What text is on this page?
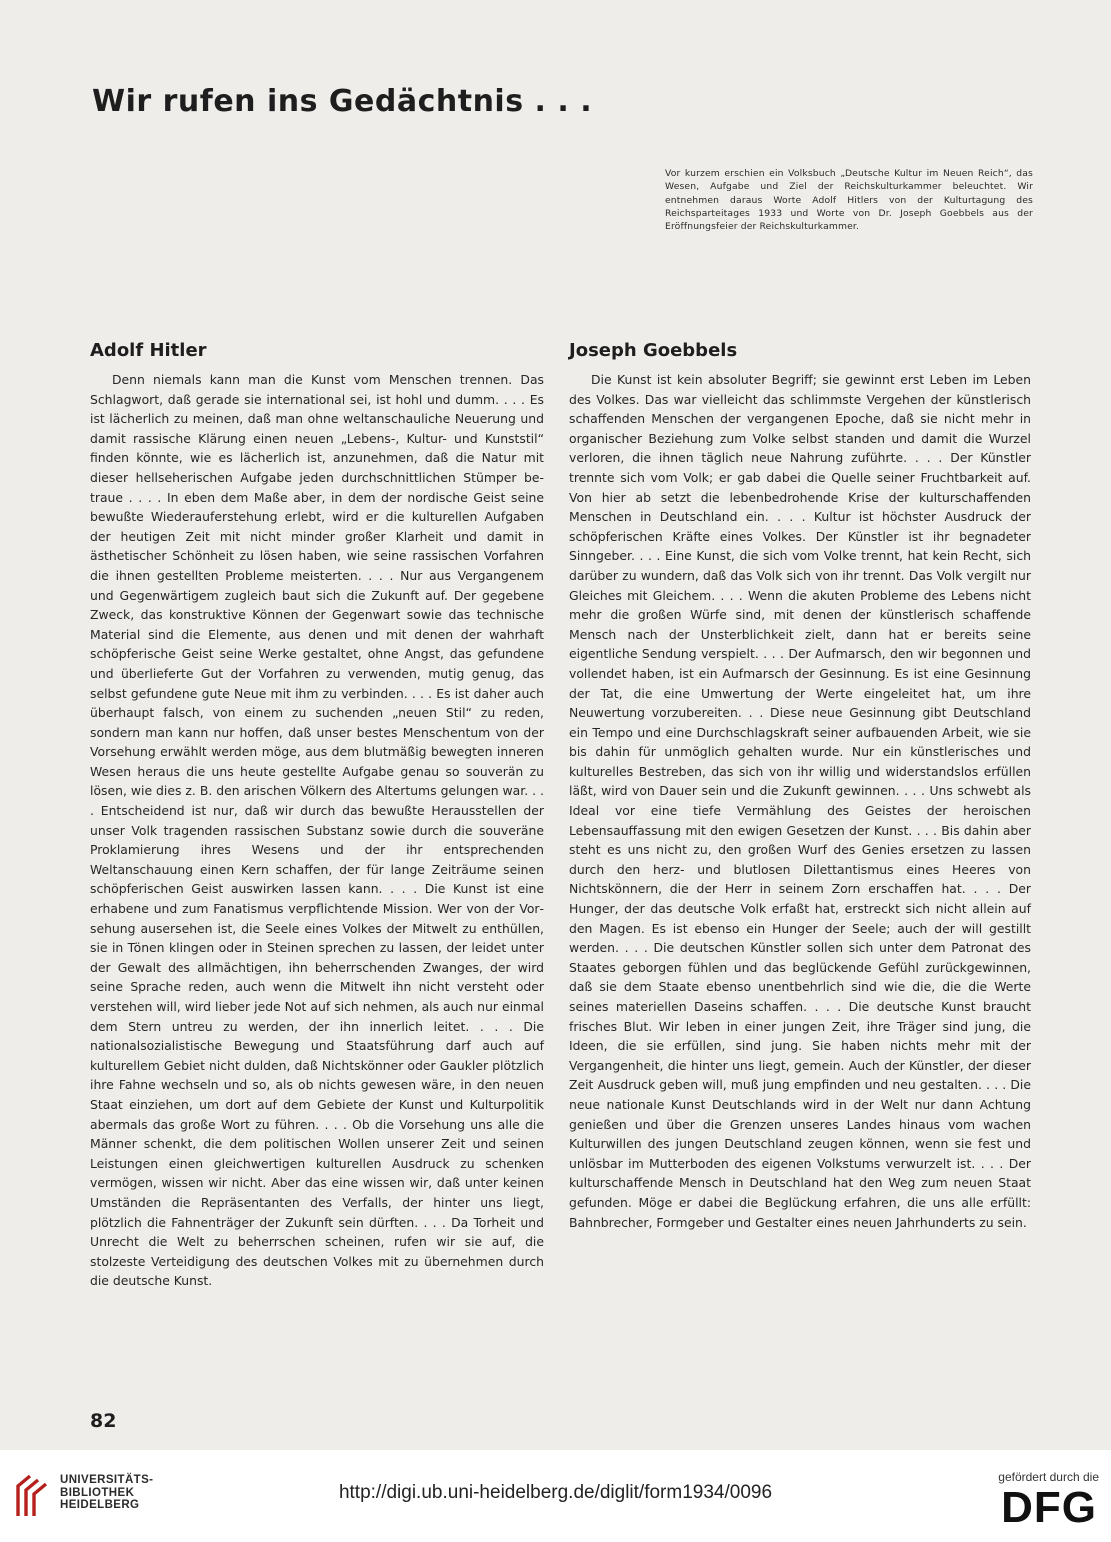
Wir rufen ins Gedächtnis . . .

Vor kurzem erschien ein Volksbuch „Deutsche Kultur im Neuen Reich“, das Wesen, Aufgabe und Ziel der Reichskulturkammer beleuchtet. Wir entnehmen daraus Worte Adolf Hitlers von der Kulturtagung des Reichsparteitages 1933 und Worte von Dr. Joseph Goebbels aus der Eröffnungsfeier der Reichskulturkammer.

Adolf Hitler

Denn niemals kann man die Kunst vom Menschen trennen. Das Schlagwort, daß gerade sie international sei, ist hohl und dumm. . . . Es ist lächerlich zu meinen, daß man ohne weltanschauliche Neuerung und damit rassische Klärung einen neuen „Lebens-, Kultur- und Kunststil“ finden könnte, wie es lächerlich ist, anzunehmen, daß die Natur mit dieser hellseherischen Aufgabe jeden durchschnittlichen Stümper betraue . . . . In eben dem Maße aber, in dem der nordische Geist seine bewußte Wiederauferstehung erlebt, wird er die kulturellen Aufgaben der heutigen Zeit mit nicht minder großer Klarheit und damit in ästhetischer Schönheit zu lösen haben, wie seine rassischen Vorfahren die ihnen gestellten Probleme meisterten. . . . Nur aus Vergangenem und Gegenwärtigem zugleich baut sich die Zukunft auf. Der gegebene Zweck, das konstruktive Können der Gegenwart sowie das technische Material sind die Elemente, aus denen und mit denen der wahrhaft schöpferische Geist seine Werke gestaltet, ohne Angst, das gefundene und überlieferte Gut der Vorfahren zu verwenden, mutig genug, das selbst gefundene gute Neue mit ihm zu verbinden. . . . Es ist daher auch überhaupt falsch, von einem zu suchenden „neuen Stil“ zu reden, sondern man kann nur hoffen, daß unser bestes Menschentum von der Vorsehung erwählt werden möge, aus dem blutmäßig bewegten inneren Wesen heraus die uns heute gestellte Aufgabe genau so souverän zu lösen, wie dies z. B. den arischen Völkern des Altertums gelungen war. . . . Entscheidend ist nur, daß wir durch das bewußte Herausstellen der unser Volk tragenden rassischen Substanz sowie durch die souveräne Proklamierung ihres Wesens und der ihr entsprechenden Weltanschauung einen Kern schaffen, der für lange Zeiträume seinen schöpferischen Geist auswirken lassen kann. . . . Die Kunst ist eine erhabene und zum Fanatismus verpflichtende Mission. Wer von der Vorsehung ausersehen ist, die Seele eines Volkes der Mitwelt zu enthüllen, sie in Tönen klingen oder in Steinen sprechen zu lassen, der leidet unter der Gewalt des allmächtigen, ihn beherrschenden Zwanges, der wird seine Sprache reden, auch wenn die Mitwelt ihn nicht versteht oder verstehen will, wird lieber jede Not auf sich nehmen, als auch nur einmal dem Stern untreu zu werden, der ihn innerlich leitet. . . . Die nationalsozialistische Bewegung und Staatsführung darf auch auf kulturellem Gebiet nicht dulden, daß Nichtskönner oder Gaukler plötzlich ihre Fahne wechseln und so, als ob nichts gewesen wäre, in den neuen Staat einziehen, um dort auf dem Gebiete der Kunst und Kulturpolitik abermals das große Wort zu führen. . . . Ob die Vorsehung uns alle die Männer schenkt, die dem politischen Wollen unserer Zeit und seinen Leistungen einen gleichwertigen kulturellen Ausdruck zu schenken vermögen, wissen wir nicht. Aber das eine wissen wir, daß unter keinen Umständen die Repräsentanten des Verfalls, der hinter uns liegt, plötzlich die Fahnenträger der Zukunft sein dürften. . . . Da Torheit und Unrecht die Welt zu beherrschen scheinen, rufen wir sie auf, die stolzeste Verteidigung des deutschen Volkes mit zu übernehmen durch die deutsche Kunst.

Joseph Goebbels

Die Kunst ist kein absoluter Begriff; sie gewinnt erst Leben im Leben des Volkes. Das war vielleicht das schlimmste Vergehen der künstlerisch schaffenden Menschen der vergangenen Epoche, daß sie nicht mehr in organischer Beziehung zum Volke selbst standen und damit die Wurzel verloren, die ihnen täglich neue Nahrung zuführte. . . . Der Künstler trennte sich vom Volk; er gab dabei die Quelle seiner Fruchtbarkeit auf. Von hier ab setzt die lebenbedrohende Krise der kulturschaffenden Menschen in Deutschland ein. . . . Kultur ist höchster Ausdruck der schöpferischen Kräfte eines Volkes. Der Künstler ist ihr begnadeter Sinngeber. . . . Eine Kunst, die sich vom Volke trennt, hat kein Recht, sich darüber zu wundern, daß das Volk sich von ihr trennt. Das Volk vergilt nur Gleiches mit Gleichem. . . . Wenn die akuten Probleme des Lebens nicht mehr die großen Würfe sind, mit denen der künstlerisch schaffende Mensch nach der Unsterblichkeit zielt, dann hat er bereits seine eigentliche Sendung verspielt. . . . Der Aufmarsch, den wir begonnen und vollendet haben, ist ein Aufmarsch der Gesinnung. Es ist eine Gesinnung der Tat, die eine Umwertung der Werte eingeleitet hat, um ihre Neuwertung vorzubereiten. . . Diese neue Gesinnung gibt Deutschland ein Tempo und eine Durchschlagskraft seiner aufbauenden Arbeit, wie sie bis dahin für unmöglich gehalten wurde. Nur ein künstlerisches und kulturelles Bestreben, das sich von ihr willig und widerstandslos erfüllen läßt, wird von Dauer sein und die Zukunft gewinnen. . . . Uns schwebt als Ideal vor eine tiefe Vermählung des Geistes der heroischen Lebensauffassung mit den ewigen Gesetzen der Kunst. . . . Bis dahin aber steht es uns nicht zu, den großen Wurf des Genies ersetzen zu lassen durch den herz- und blutlosen Dilettantismus eines Heeres von Nichtskönnern, die der Herr in seinem Zorn erschaffen hat. . . . Der Hunger, der das deutsche Volk erfaßt hat, erstreckt sich nicht allein auf den Magen. Es ist ebenso ein Hunger der Seele; auch der will gestillt werden. . . . Die deutschen Künstler sollen sich unter dem Patronat des Staates geborgen fühlen und das beglückende Gefühl zurückgewinnen, daß sie dem Staate ebenso unentbehrlich sind wie die, die die Werte seines materiellen Daseins schaffen. . . . Die deutsche Kunst braucht frisches Blut. Wir leben in einer jungen Zeit, ihre Träger sind jung, die Ideen, die sie erfüllen, sind jung. Sie haben nichts mehr mit der Vergangenheit, die hinter uns liegt, gemein. Auch der Künstler, der dieser Zeit Ausdruck geben will, muß jung empfinden und neu gestalten. . . . Die neue nationale Kunst Deutschlands wird in der Welt nur dann Achtung genießen und über die Grenzen unseres Landes hinaus vom wachen Kulturwillen des jungen Deutschland zeugen können, wenn sie fest und unlösbar im Mutterboden des eigenen Volkstums verwurzelt ist. . . . Der kulturschaffende Mensch in Deutschland hat den Weg zum neuen Staat gefunden. Möge er dabei die Beglückung erfahren, die uns alle erfüllt: Bahnbrecher, Formgeber und Gestalter eines neuen Jahrhunderts zu sein.

82
UNIVERSITÄTS-
BIBLIOTHEK
HEIDELBERG
http://digi.ub.uni-heidelberg.de/diglit/form1934/0096
gefördert durch die
DFG
